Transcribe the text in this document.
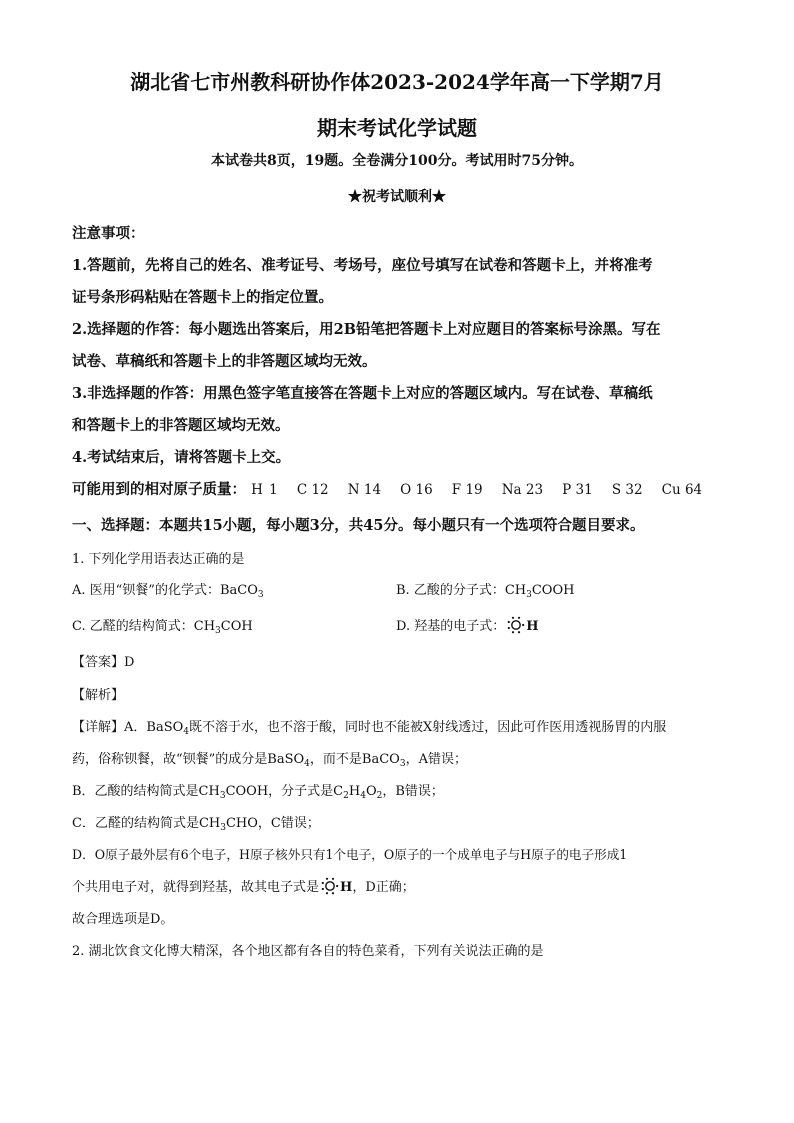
湖北省七市州教科研协作体2023-2024学年高一下学期7月
期末考试化学试题
本试卷共8页，19题。全卷满分100分。考试用时75分钟。
★祝考试顺利★
注意事项：
1.答题前，先将自己的姓名、准考证号、考场号，座位号填写在试卷和答题卡上，并将准考
证号条形码粘贴在答题卡上的指定位置。
2.选择题的作答：每小题选出答案后，用2B铅笔把答题卡上对应题目的答案标号涂黑。写在
试卷、草稿纸和答题卡上的非答题区域均无效。
3.非选择题的作答：用黑色签字笔直接答在答题卡上对应的答题区域内。写在试卷、草稿纸
和答题卡上的非答题区域均无效。
4.考试结束后，请将答题卡上交。
可能用到的相对原子质量： H 1 C 12 N 14 O 16 F 19 Na 23 P 31 S 32 Cu 64
一、选择题：本题共15小题，每小题3分，共45分。每小题只有一个选项符合题目要求。
1. 下列化学用语表达正确的是
A. 医用“钡餐”的化学式：BaCO$_3$	B. 乙酸的分子式：$CH_3COOH$
C. 乙醛的结构简式：$CH_3COH$	D. 羟基的电子式： H
【答案】D
【解析】
【详解】A．BaSO$_4$既不溶于水，也不溶于酸，同时也不能被X射线透过，因此可作医用透视肠胃的内服
药，俗称钡餐，故“钡餐”的成分是BaSO$_4$，而不是BaCO$_3$，A错误；
B．乙酸的结构简式是$CH_3COOH$，分子式是$C_2H_4O_2$，B错误；
C．乙醛的结构简式是$CH_3CHO$，C错误；
D．O原子最外层有6个电子，H原子核外只有1个电子，O原子的一个成单电子与H原子的电子形成1
个共用电子对，就得到羟基，故其电子式是 H，D正确；
故合理选项是D。
2. 湖北饮食文化博大精深，各个地区都有各自的特色菜肴，下列有关说法正确的是
